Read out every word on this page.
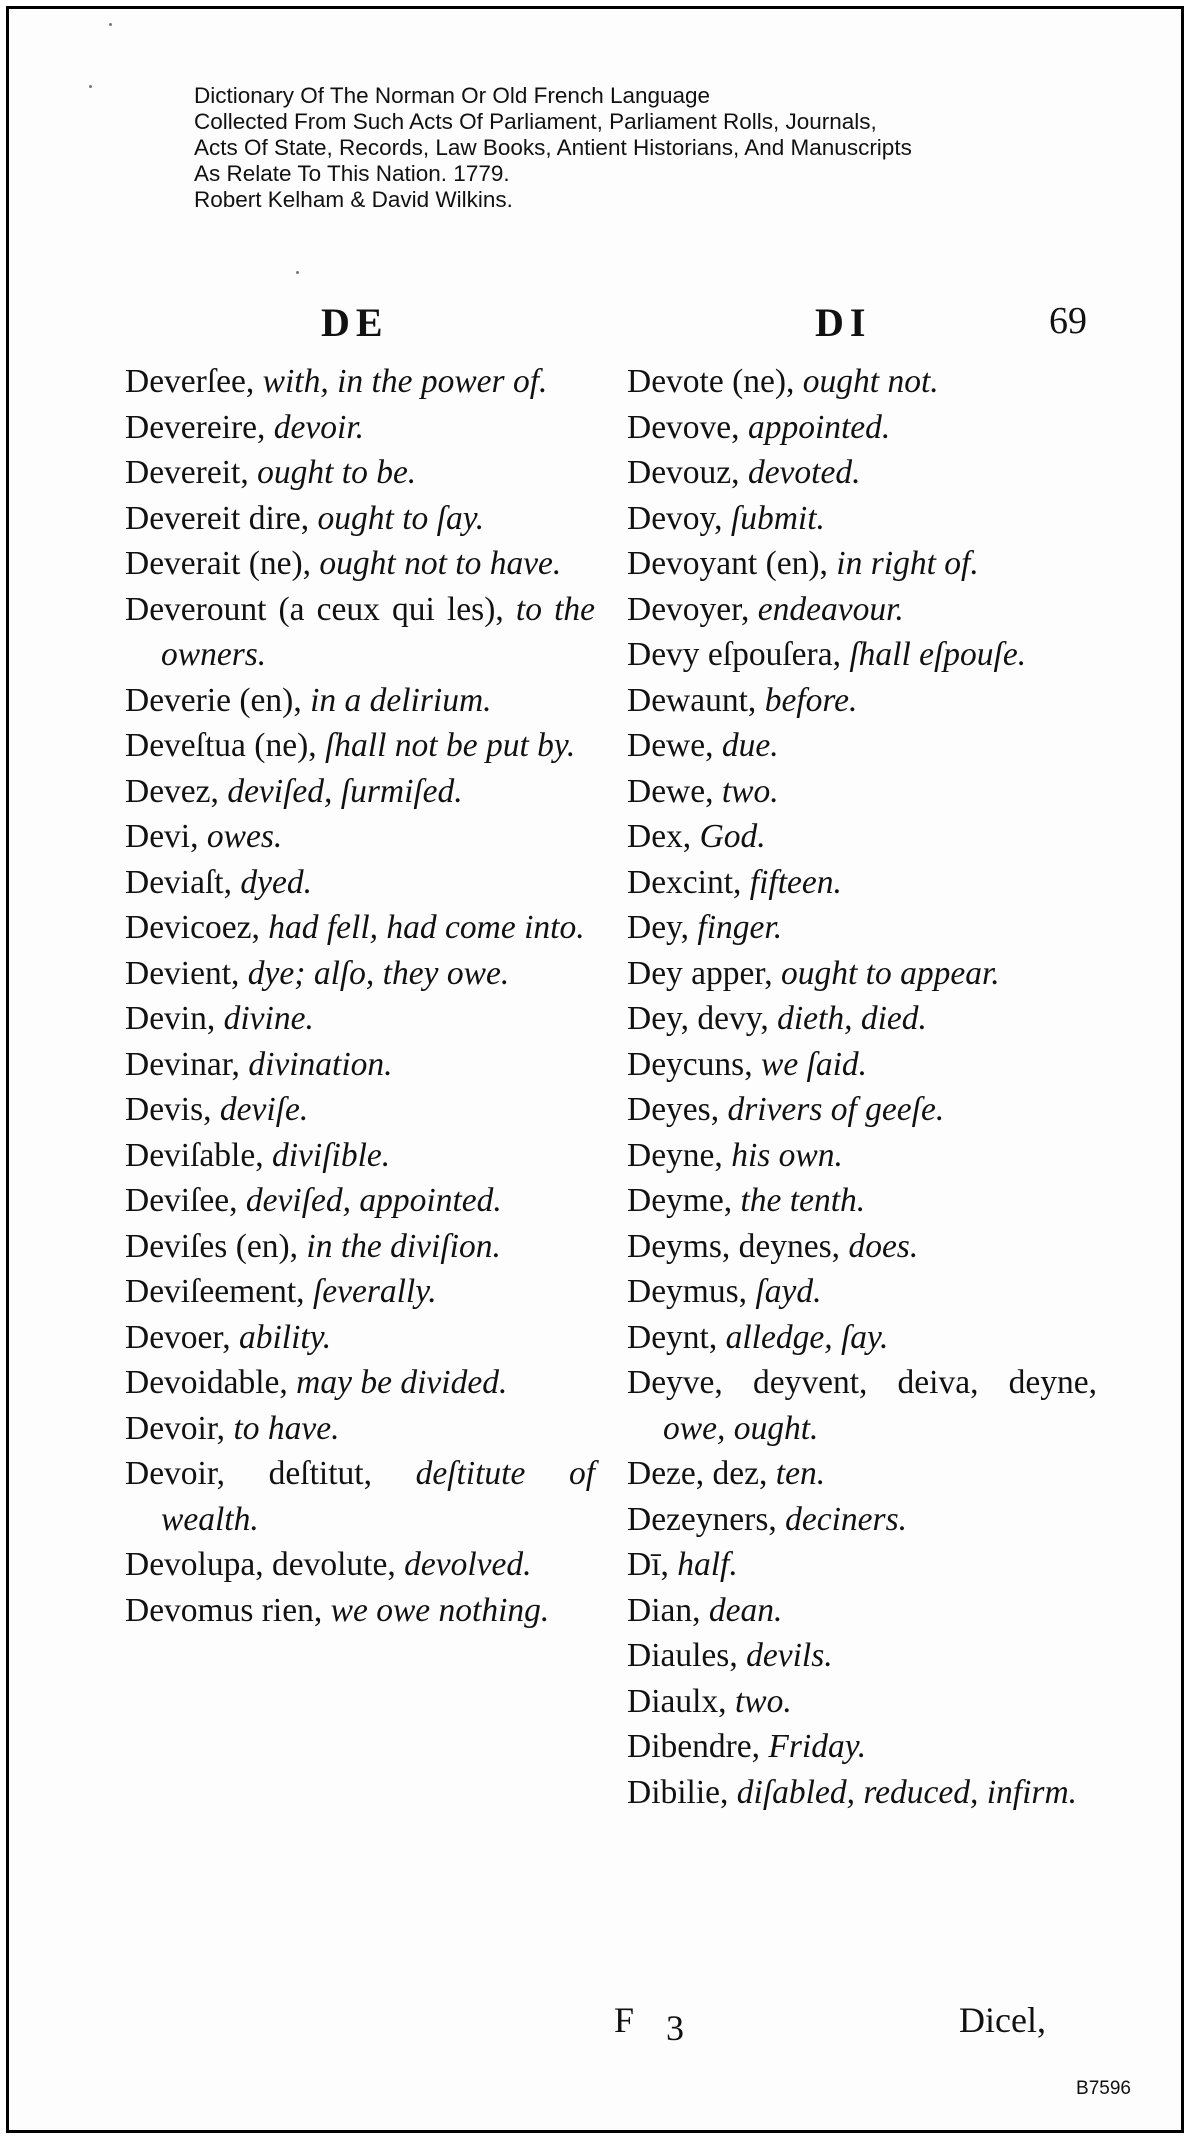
Dictionary Of The Norman Or Old French Language
Collected From Such Acts Of Parliament, Parliament Rolls, Journals,
Acts Of State, Records, Law Books, Antient Historians, And Manuscripts
As Relate To This Nation. 1779.
Robert Kelham & David Wilkins.
DE	DI	69
Deverſee, with, in the power of.
Devereire, devoir.
Devereit, ought to be.
Devereit dire, ought to ſay.
Deverait (ne), ought not to have.
Deverount (a ceux qui les), to the owners.
Deverie (en), in a delirium.
Deveſtua (ne), ſhall not be put by.
Devez, deviſed, ſurmiſed.
Devi, owes.
Deviaſt, dyed.
Devicoez, had fell, had come into.
Devient, dye; alſo, they owe.
Devin, divine.
Devinar, divination.
Devis, deviſe.
Deviſable, diviſible.
Deviſee, deviſed, appointed.
Deviſes (en), in the diviſion.
Deviſeement, ſeverally.
Devoer, ability.
Devoidable, may be divided.
Devoir, to have.
Devoir, deſtitut, deſtitute of wealth.
Devolupa, devolute, devolved.
Devomus rien, we owe nothing.
Devote (ne), ought not.
Devove, appointed.
Devouz, devoted.
Devoy, ſubmit.
Devoyant (en), in right of.
Devoyer, endeavour.
Devy eſpouſera, ſhall eſpouſe.
Dewaunt, before.
Dewe, due.
Dewe, two.
Dex, God.
Dexcint, fifteen.
Dey, finger.
Dey apper, ought to appear.
Dey, devy, dieth, died.
Deycuns, we ſaid.
Deyes, drivers of geeſe.
Deyne, his own.
Deyme, the tenth.
Deyms, deynes, does.
Deymus, ſayd.
Deynt, alledge, ſay.
Deyve, deyvent, deiva, deyne, owe, ought.
Deze, dez, ten.
Dezeyners, deciners.
Dī, half.
Dian, dean.
Diaules, devils.
Diaulx, two.
Dibendre, Friday.
Dibilie, diſabled, reduced, infirm.
F 3	Dicel,
B7596
